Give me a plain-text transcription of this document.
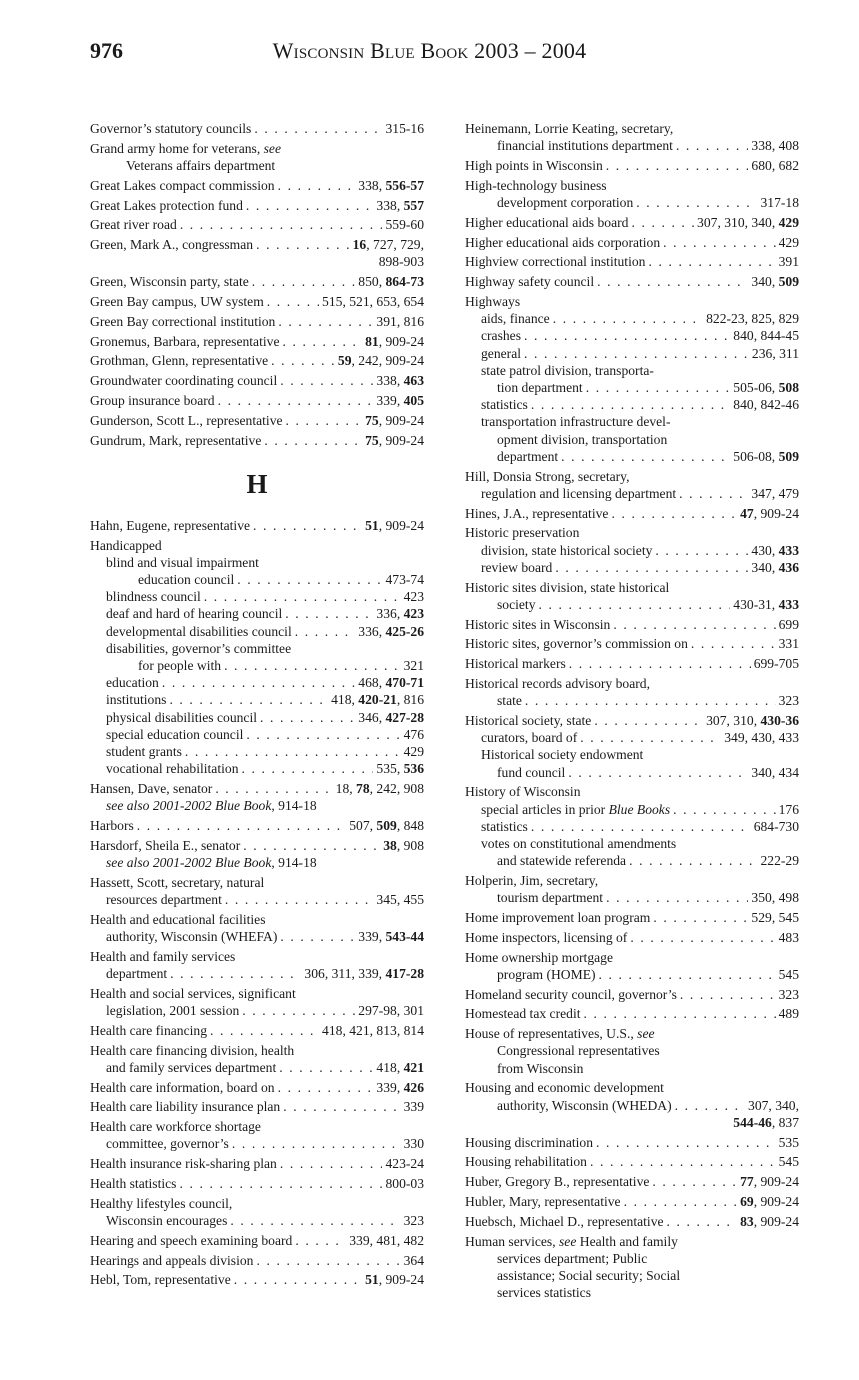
976	Wisconsin Blue Book 2003 – 2004
Governor’s statutory councils . . .	315-16
Grand army home for veterans, see
Veterans affairs department
Great Lakes compact commission . . .	338, 556-57
Great Lakes protection fund . . .	338, 557
Great river road . . .	559-60
Green, Mark A., congressman . . .	16, 727, 729,
898-903
Green, Wisconsin party, state . . .	850, 864-73
Green Bay campus, UW system . . .	515, 521, 653, 654
Green Bay correctional institution . . .	391, 816
Gronemus, Barbara, representative . . .	81, 909-24
Grothman, Glenn, representative . . .	59, 242, 909-24
Groundwater coordinating council . . .	338, 463
Group insurance board . . .	339, 405
Gunderson, Scott L., representative . . .	75, 909-24
Gundrum, Mark, representative . . .	75, 909-24
H
Hahn, Eugene, representative . . .	51, 909-24
Handicapped
blind and visual impairment
education council . . .	473-74
blindness council . . .	423
deaf and hard of hearing council . . .	336, 423
developmental disabilities council . . .	336, 425-26
disabilities, governor’s committee
for people with . . .	321
education . . .	468, 470-71
institutions . . .	418, 420-21, 816
physical disabilities council . . .	346, 427-28
special education council . . .	476
student grants . . .	429
vocational rehabilitation . . .	535, 536
Hansen, Dave, senator . . .	18, 78, 242, 908
see also 2001-2002 Blue Book, 914-18
Harbors . . .	507, 509, 848
Harsdorf, Sheila E., senator . . .	38, 908
see also 2001-2002 Blue Book, 914-18
Hassett, Scott, secretary, natural
resources department . . .	345, 455
Health and educational facilities
authority, Wisconsin (WHEFA) . . .	339, 543-44
Health and family services
department . . .	306, 311, 339, 417-28
Health and social services, significant
legislation, 2001 session . . .	297-98, 301
Health care financing . . .	418, 421, 813, 814
Health care financing division, health
and family services department . . .	418, 421
Health care information, board on . . .	339, 426
Health care liability insurance plan . . .	339
Health care workforce shortage
committee, governor’s . . .	330
Health insurance risk-sharing plan . . .	423-24
Health statistics . . .	800-03
Healthy lifestyles council,
Wisconsin encourages . . .	323
Hearing and speech examining board . . .	339, 481, 482
Hearings and appeals division . . .	364
Hebl, Tom, representative . . .	51, 909-24
Heinemann, Lorrie Keating, secretary,
financial institutions department . . .	338, 408
High points in Wisconsin . . .	680, 682
High-technology business
development corporation . . .	317-18
Higher educational aids board . . .	307, 310, 340, 429
Higher educational aids corporation . . .	429
Highview correctional institution . . .	391
Highway safety council . . .	340, 509
Highways
aids, finance . . .	822-23, 825, 829
crashes . . .	840, 844-45
general . . .	236, 311
state patrol division, transporta-
tion department . . .	505-06, 508
statistics . . .	840, 842-46
transportation infrastructure devel-
opment division, transportation
department . . .	506-08, 509
Hill, Donsia Strong, secretary,
regulation and licensing department . . .	347, 479
Hines, J.A., representative . . .	47, 909-24
Historic preservation
division, state historical society . . .	430, 433
review board . . .	340, 436
Historic sites division, state historical
society . . .	430-31, 433
Historic sites in Wisconsin . . .	699
Historic sites, governor’s commission on . . .	331
Historical markers . . .	699-705
Historical records advisory board,
state . . .	323
Historical society, state . . .	307, 310, 430-36
curators, board of . . .	349, 430, 433
Historical society endowment
fund council . . .	340, 434
History of Wisconsin
special articles in prior Blue Books . . .	176
statistics . . .	684-730
votes on constitutional amendments
and statewide referenda . . .	222-29
Holperin, Jim, secretary,
tourism department . . .	350, 498
Home improvement loan program . . .	529, 545
Home inspectors, licensing of . . .	483
Home ownership mortgage
program (HOME) . . .	545
Homeland security council, governor’s . . .	323
Homestead tax credit . . .	489
House of representatives, U.S., see
Congressional representatives
from Wisconsin
Housing and economic development
authority, Wisconsin (WHEDA) . . .	307, 340,
544-46, 837
Housing discrimination . . .	535
Housing rehabilitation . . .	545
Huber, Gregory B., representative . . .	77, 909-24
Hubler, Mary, representative . . .	69, 909-24
Huebsch, Michael D., representative . . .	83, 909-24
Human services, see Health and family
services department; Public
assistance; Social security; Social
services statistics
